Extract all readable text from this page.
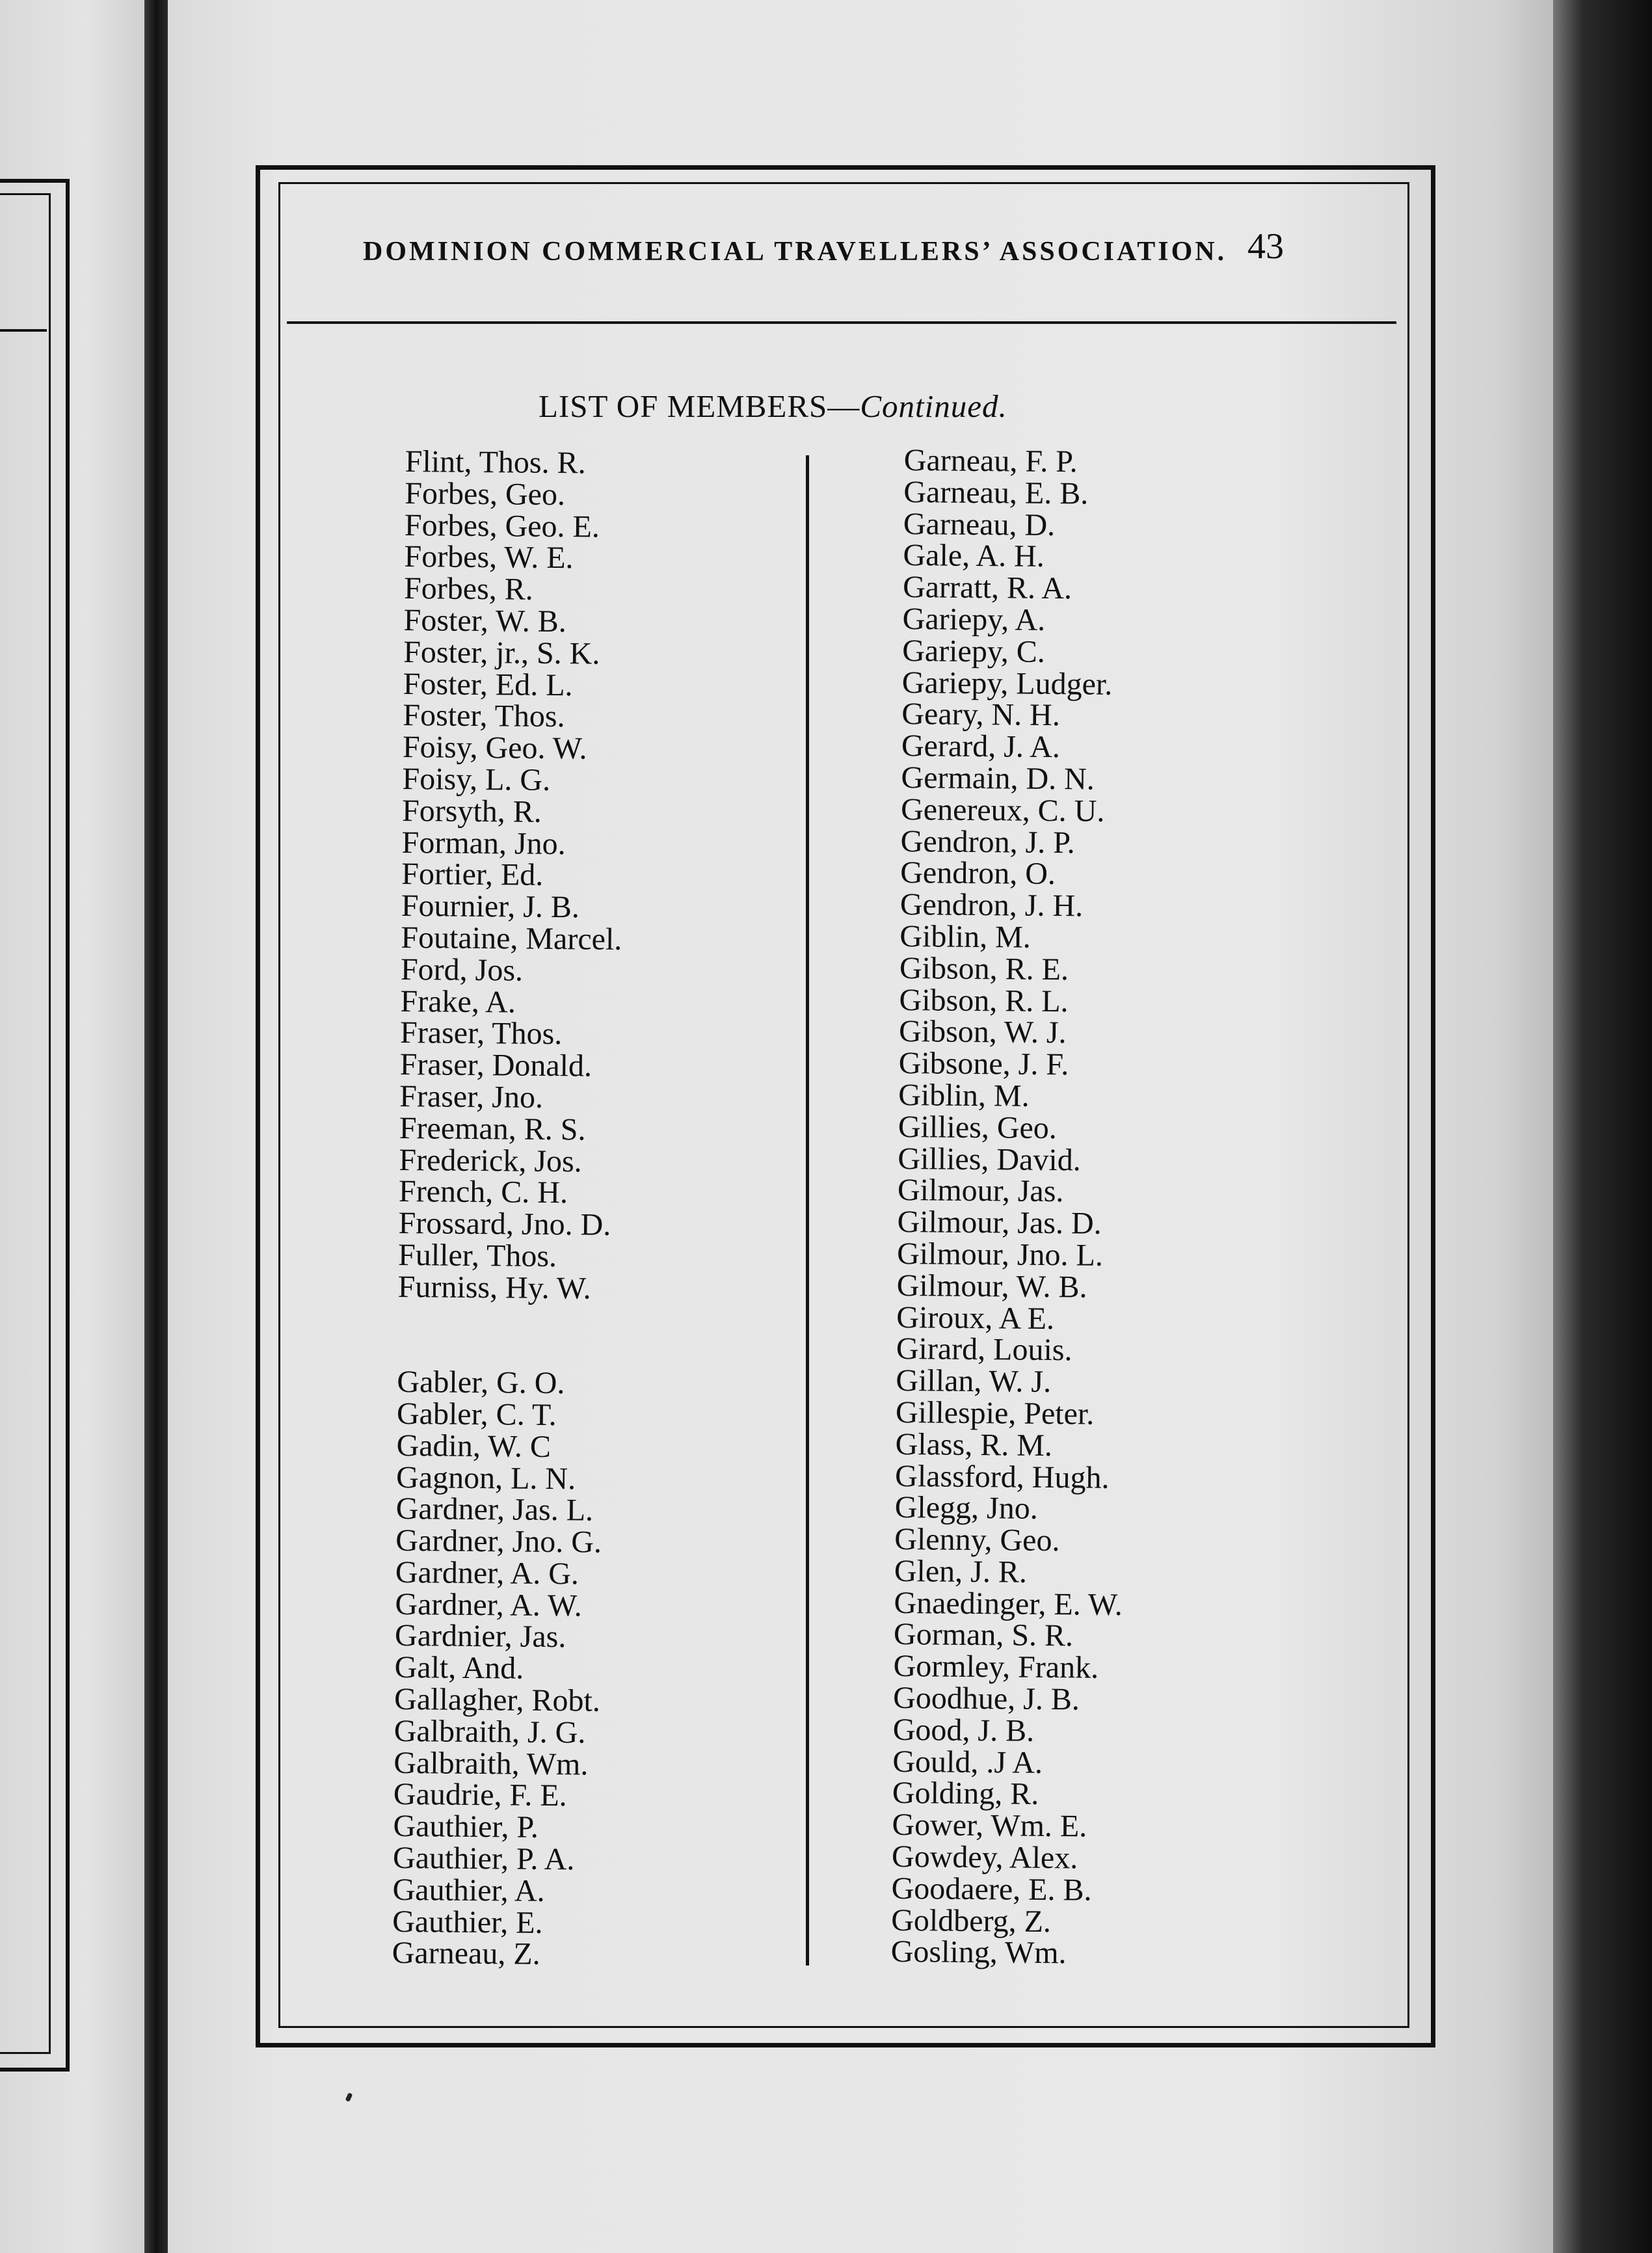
DOMINION COMMERCIAL TRAVELLERS’ ASSOCIATION. 43
LIST OF MEMBERS—Continued.
Flint, Thos. R.
Forbes, Geo.
Forbes, Geo. E.
Forbes, W. E.
Forbes, R.
Foster, W. B.
Foster, jr., S. K.
Foster, Ed. L.
Foster, Thos.
Foisy, Geo. W.
Foisy, L. G.
Forsyth, R.
Forman, Jno.
Fortier, Ed.
Fournier, J. B.
Foutaine, Marcel.
Ford, Jos.
Frake, A.
Fraser, Thos.
Fraser, Donald.
Fraser, Jno.
Freeman, R. S.
Frederick, Jos.
French, C. H.
Frossard, Jno. D.
Fuller, Thos.
Furniss, Hy. W.
Gabler, G. O.
Gabler, C. T.
Gadin, W. C
Gagnon, L. N.
Gardner, Jas. L.
Gardner, Jno. G.
Gardner, A. G.
Gardner, A. W.
Gardnier, Jas.
Galt, And.
Gallagher, Robt.
Galbraith, J. G.
Galbraith, Wm.
Gaudrie, F. E.
Gauthier, P.
Gauthier, P. A.
Gauthier, A.
Gauthier, E.
Garneau, Z.
Garneau, F. P.
Garneau, E. B.
Garneau, D.
Gale, A. H.
Garratt, R. A.
Gariepy, A.
Gariepy, C.
Gariepy, Ludger.
Geary, N. H.
Gerard, J. A.
Germain, D. N.
Genereux, C. U.
Gendron, J. P.
Gendron, O.
Gendron, J. H.
Giblin, M.
Gibson, R. E.
Gibson, R. L.
Gibson, W. J.
Gibsone, J. F.
Giblin, M.
Gillies, Geo.
Gillies, David.
Gilmour, Jas.
Gilmour, Jas. D.
Gilmour, Jno. L.
Gilmour, W. B.
Giroux, A E.
Girard, Louis.
Gillan, W. J.
Gillespie, Peter.
Glass, R. M.
Glassford, Hugh.
Glegg, Jno.
Glenny, Geo.
Glen, J. R.
Gnaedinger, E. W.
Gorman, S. R.
Gormley, Frank.
Goodhue, J. B.
Good, J. B.
Gould, .J A.
Golding, R.
Gower, Wm. E.
Gowdey, Alex.
Goodaere, E. B.
Goldberg, Z.
Gosling, Wm.
